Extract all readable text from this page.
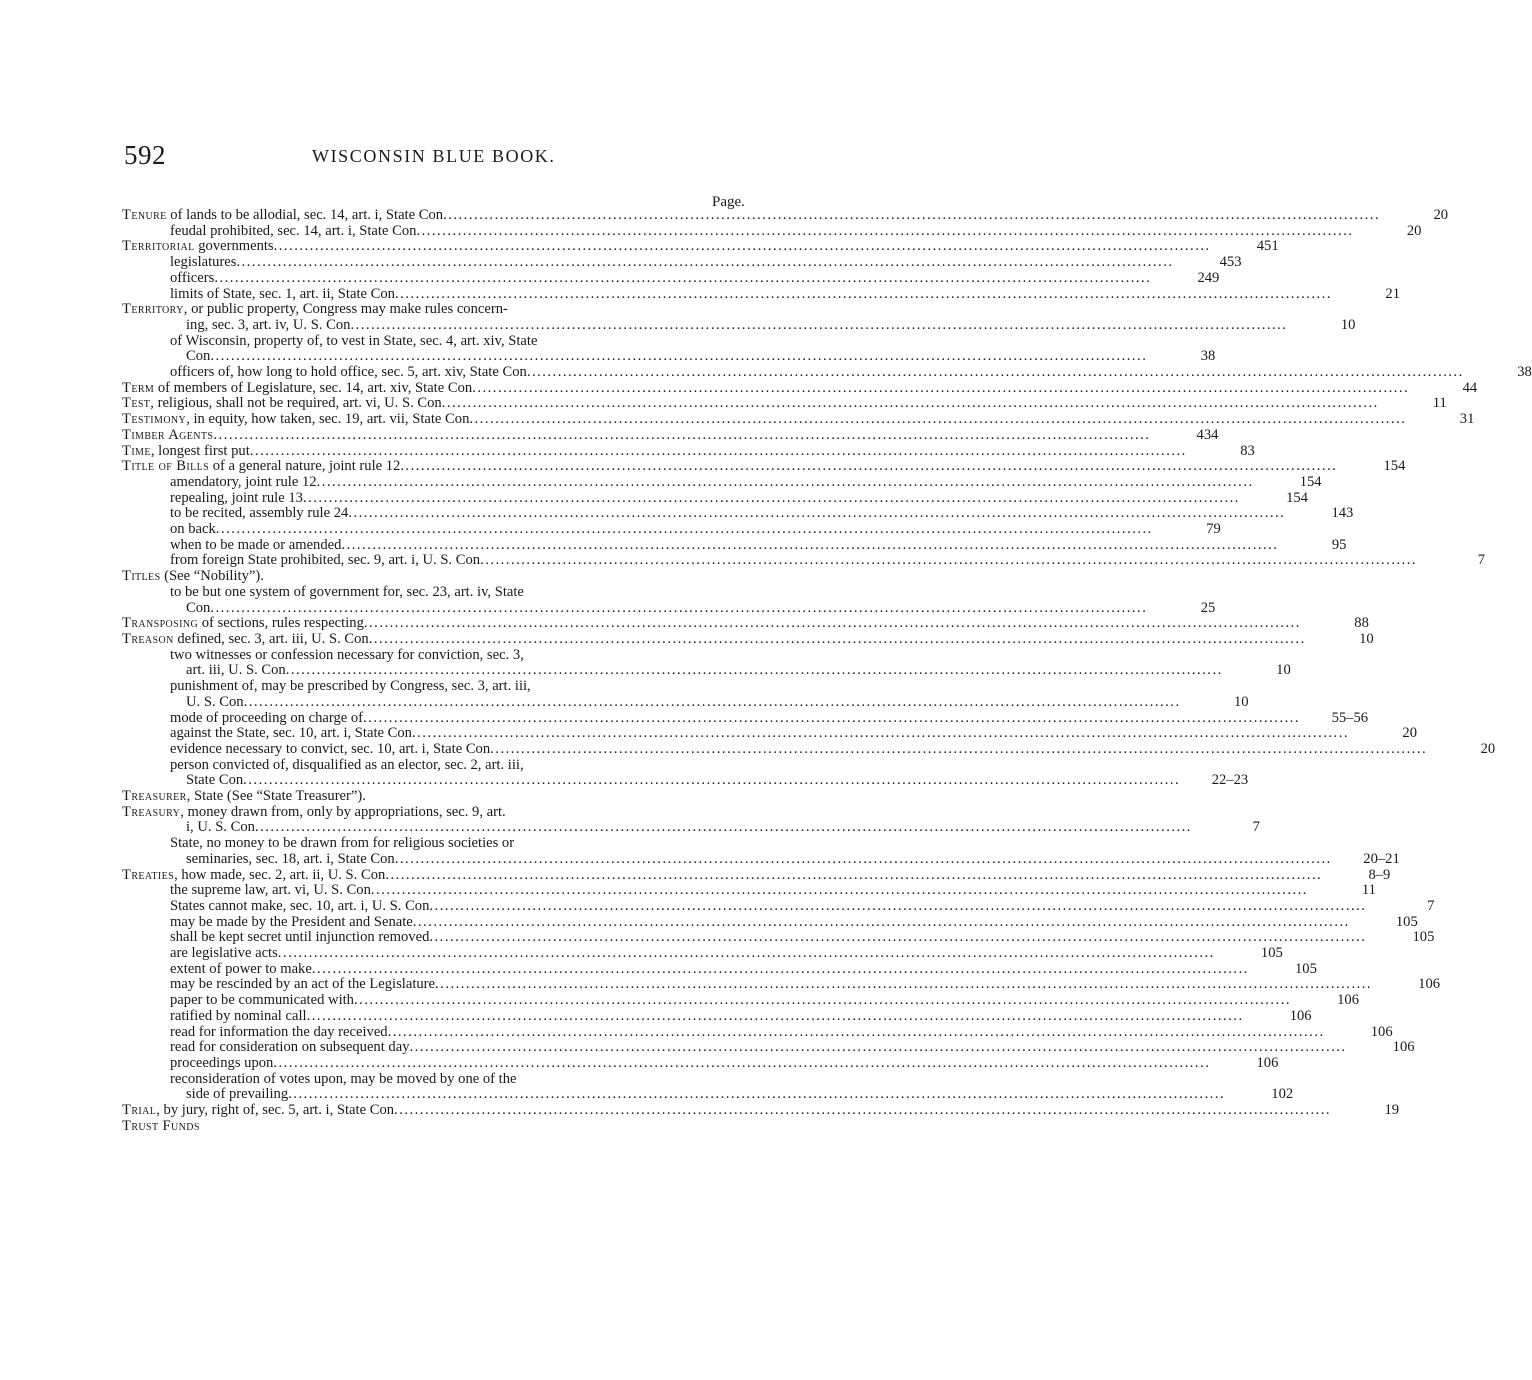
592	WISCONSIN BLUE BOOK.
Page.
Tenure of lands to be allodial, sec. 14, art. i, State Con .....	20
feudal prohibited, sec. 14, art. i, State Con .....	20
Territorial governments .....	451
legislatures .....	453
officers .....	249
limits of State, sec. 1, art. ii, State Con .....	21
Territory, or public property, Congress may make rules concern-
ing, sec. 3, art. iv, U. S. Con .....	10
of Wisconsin, property of, to vest in State, sec. 4, art. xiv, State
Con .....	38
officers of, how long to hold office, sec. 5, art. xiv, State Con .....	38
Term of members of Legislature, sec. 14, art. xiv, State Con .....	44
Test, religious, shall not be required, art. vi, U. S. Con .....	11
Testimony, in equity, how taken, sec. 19, art. vii, State Con .....	31
Timber Agents .....	434
Time, longest first put .....	83
Title of Bills of a general nature, joint rule 12 .....	154
amendatory, joint rule 12 .....	154
repealing, joint rule 13 .....	154
to be recited, assembly rule 24 .....	143
on back .....	79
when to be made or amended .....	95
from foreign State prohibited, sec. 9, art. i, U. S. Con .....	7
Titles (See “Nobility”).
to be but one system of government for, sec. 23, art. iv, State
Con .....	25
Transposing of sections, rules respecting .....	88
Treason defined, sec. 3, art. iii, U. S. Con .....	10
two witnesses or confession necessary for conviction, sec. 3,
art. iii, U. S. Con .....	10
punishment of, may be prescribed by Congress, sec. 3, art. iii,
U. S. Con .....	10
mode of proceeding on charge of .....	55–56
against the State, sec. 10, art. i, State Con .....	20
evidence necessary to convict, sec. 10, art. i, State Con .....	20
person convicted of, disqualified as an elector, sec. 2, art. iii,
State Con .....	22–23
Treasurer, State (See “State Treasurer”).
Treasury, money drawn from, only by appropriations, sec. 9, art.
i, U. S. Con .....	7
State, no money to be drawn from for religious societies or
seminaries, sec. 18, art. i, State Con .....	20–21
Treaties, how made, sec. 2, art. ii, U. S. Con .....	8–9
the supreme law, art. vi, U. S. Con .....	11
States cannot make, sec. 10, art. i, U. S. Con .....	7
may be made by the President and Senate .....	105
shall be kept secret until injunction removed .....	105
are legislative acts .....	105
extent of power to make .....	105
may be rescinded by an act of the Legislature .....	106
paper to be communicated with .....	106
ratified by nominal call .....	106
read for information the day received .....	106
read for consideration on subsequent day .....	106
proceedings upon .....	106
reconsideration of votes upon, may be moved by one of the
side of prevailing .....	102
Trial, by jury, right of, sec. 5, art. i, State Con .....	19
Trust Funds
